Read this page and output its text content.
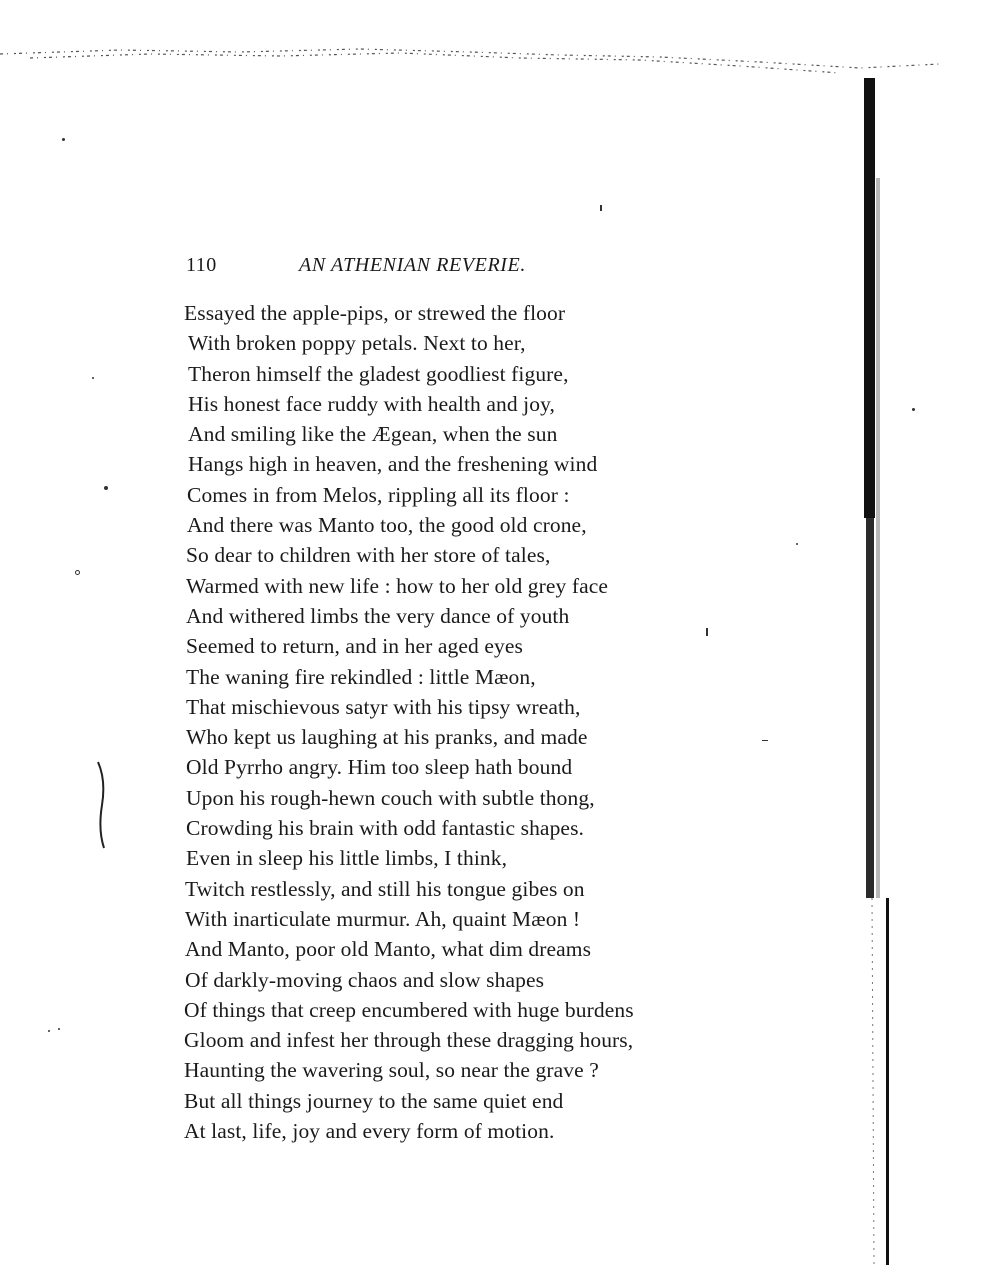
110	AN ATHENIAN REVERIE.
Essayed the apple-pips, or strewed the floor
With broken poppy petals. Next to her,
Theron himself the gladest goodliest figure,
His honest face ruddy with health and joy,
And smiling like the Ægean, when the sun
Hangs high in heaven, and the freshening wind
Comes in from Melos, rippling all its floor :
And there was Manto too, the good old crone,
So dear to children with her store of tales,
Warmed with new life : how to her old grey face
And withered limbs the very dance of youth
Seemed to return, and in her aged eyes
The waning fire rekindled : little Mæon,
That mischievous satyr with his tipsy wreath,
Who kept us laughing at his pranks, and made
Old Pyrrho angry. Him too sleep hath bound
Upon his rough-hewn couch with subtle thong,
Crowding his brain with odd fantastic shapes.
Even in sleep his little limbs, I think,
Twitch restlessly, and still his tongue gibes on
With inarticulate murmur. Ah, quaint Mæon !
And Manto, poor old Manto, what dim dreams
Of darkly-moving chaos and slow shapes
Of things that creep encumbered with huge burdens
Gloom and infest her through these dragging hours,
Haunting the wavering soul, so near the grave ?
But all things journey to the same quiet end
At last, life, joy and every form of motion.
